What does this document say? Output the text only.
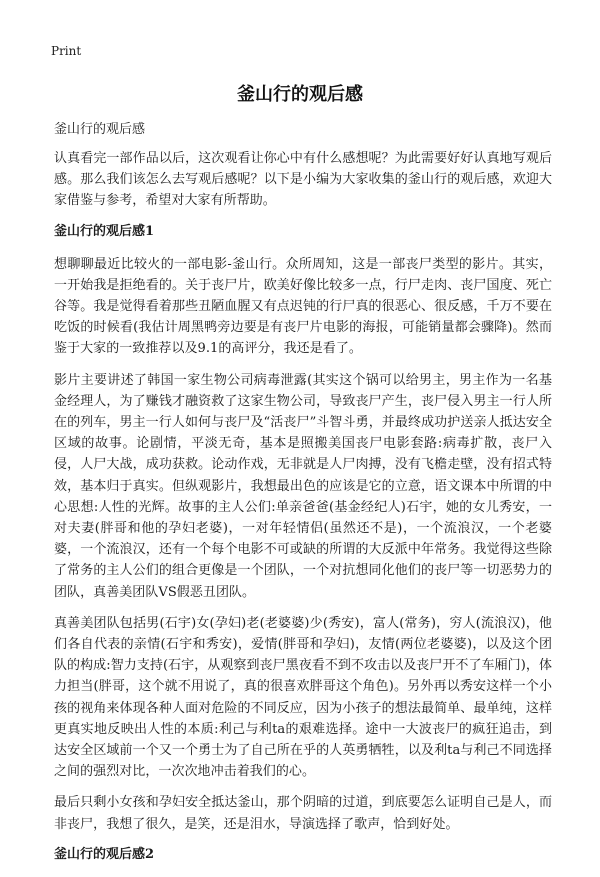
Print
釜山行的观后感
釜山行的观后感

认真看完一部作品以后，这次观看让你心中有什么感想呢？为此需要好好认真地写观后感。那么我们该怎么去写观后感呢？以下是小编为大家收集的釜山行的观后感，欢迎大家借鉴与参考，希望对大家有所帮助。

釜山行的观后感1

想聊聊最近比较火的一部电影-釜山行。众所周知，这是一部丧尸类型的影片。其实，一开始我是拒绝看的。关于丧尸片，欧美好像比较多一点，行尸走肉、丧尸国度、死亡谷等。我是觉得看着那些丑陋血腥又有点迟钝的行尸真的很恶心、很反感，千万不要在吃饭的时候看(我估计周黑鸭旁边要是有丧尸片电影的海报，可能销量都会骤降)。然而鉴于大家的一致推荐以及9.1的高评分，我还是看了。

影片主要讲述了韩国一家生物公司病毒泄露(其实这个锅可以给男主，男主作为一名基金经理人，为了赚钱才融资救了这家生物公司，导致丧尸产生，丧尸侵入男主一行人所在的列车，男主一行人如何与丧尸及“活丧尸”斗智斗勇，并最终成功护送亲人抵达安全区域的故事。论剧情，平淡无奇，基本是照搬美国丧尸电影套路:病毒扩散，丧尸入侵，人尸大战，成功获救。论动作戏，无非就是人尸肉搏，没有飞檐走壁，没有招式特效，基本归于真实。但纵观影片，我想最出色的应该是它的立意，语文课本中所谓的中心思想:人性的光辉。故事的主人公们:单亲爸爸(基金经纪人)石宇，她的女儿秀安，一对夫妻(胖哥和他的孕妇老婆)，一对年轻情侣(虽然还不是)，一个流浪汉，一个老婆婆，一个流浪汉，还有一个每个电影不可或缺的所谓的大反派中年常务。我觉得这些除了常务的主人公们的组合更像是一个团队，一个对抗想同化他们的丧尸等一切恶势力的团队，真善美团队VS假恶丑团队。

真善美团队包括男(石宇)女(孕妇)老(老婆婆)少(秀安)，富人(常务)，穷人(流浪汉)，他们各自代表的亲情(石宇和秀安)，爱情(胖哥和孕妇)，友情(两位老婆婆)，以及这个团队的构成:智力支持(石宇，从观察到丧尸黑夜看不到不攻击以及丧尸开不了车厢门)，体力担当(胖哥，这个就不用说了，真的很喜欢胖哥这个角色)。另外再以秀安这样一个小孩的视角来体现各种人面对危险的不同反应，因为小孩子的想法最简单、最单纯，这样更真实地反映出人性的本质:利己与利ta的艰难选择。途中一大波丧尸的疯狂追击，到达安全区域前一个又一个勇士为了自己所在乎的人英勇牺牲，以及利ta与利己不同选择之间的强烈对比，一次次地冲击着我们的心。

最后只剩小女孩和孕妇安全抵达釜山，那个阴暗的过道，到底要怎么证明自己是人，而非丧尸，我想了很久，是笑，还是泪水，导演选择了歌声，恰到好处。

釜山行的观后感2
